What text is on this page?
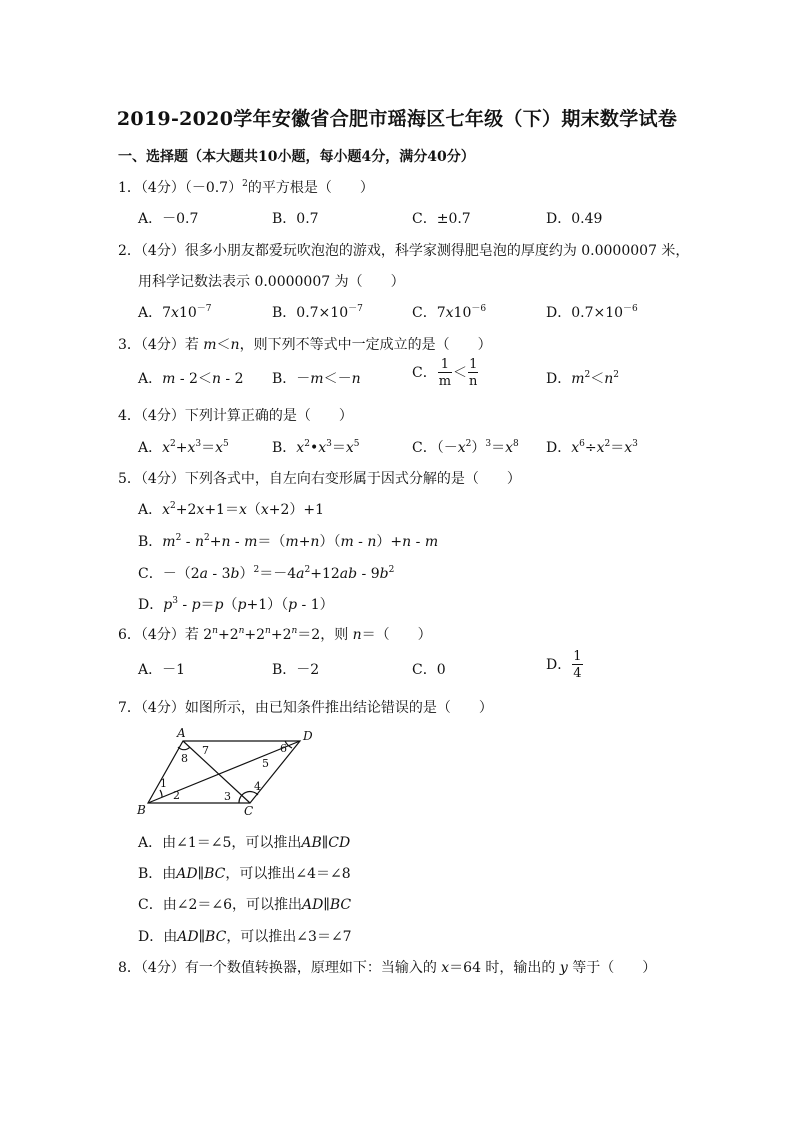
2019-2020学年安徽省合肥市瑶海区七年级（下）期末数学试卷
一、选择题（本大题共10小题，每小题4分，满分40分）
1．（4分）$(-0.7)^2$的平方根是（　　）
A．－0.7	B．0.7	C．±0.7	D．0.49
2．（4分）很多小朋友都爱玩吹泡泡的游戏，科学家测得肥皂泡的厚度约为 0.0000007 米，
用科学记数法表示 0.0000007 为（　　）
A．$7x10^{-7}$	B．$0.7\times 10^{-7}$	C．$7x10^{-6}$	D．$0.7\times 10^{-6}$
3．（4分）若 m＜n，则下列不等式中一定成立的是（　　）
A．m - 2＜n - 2 B．－m＜－n	C． $\frac{1}{m} < \frac{1}{n}$	D．$m^2<n^2$
4．（4分）下列计算正确的是（　　）
A．$x^2+x^3=x^5$	B．$x^2•x^3=x^5$	C．$(-x^2)^3=x^8$ D．$x^6\div x^2=x^3$
5．（4分）下列各式中，自左向右变形属于因式分解的是（　　）
A．$x^2+2x+1=x(x+2)+1$
B．$m^2 - n^2+n - m=(m+n)(m - n)+n - m$
C．$-(2a - 3b)^2=-4a^2+12ab - 9b^2$
D．$p^3 - p=p(p+1)(p - 1)$
6．（4分）若 $2^n+2^n+2^n+2^n=2$，则 n＝（　　）
A．－1	B．－2	C．0	D． $\frac{1}{4}$
7．（4分）如图所示，由已知条件推出结论错误的是（　　）
A	D
B	C
1
2	3
4
5
6
7
8
A．由∠1＝∠5，可以推出AB∥CD
B．由AD∥BC，可以推出∠4＝∠8
C．由∠2＝∠6，可以推出AD∥BC
D．由AD∥BC，可以推出∠3＝∠7
8．（4分）有一个数值转换器，原理如下：当输入的 x＝64 时，输出的 y 等于（　　）
